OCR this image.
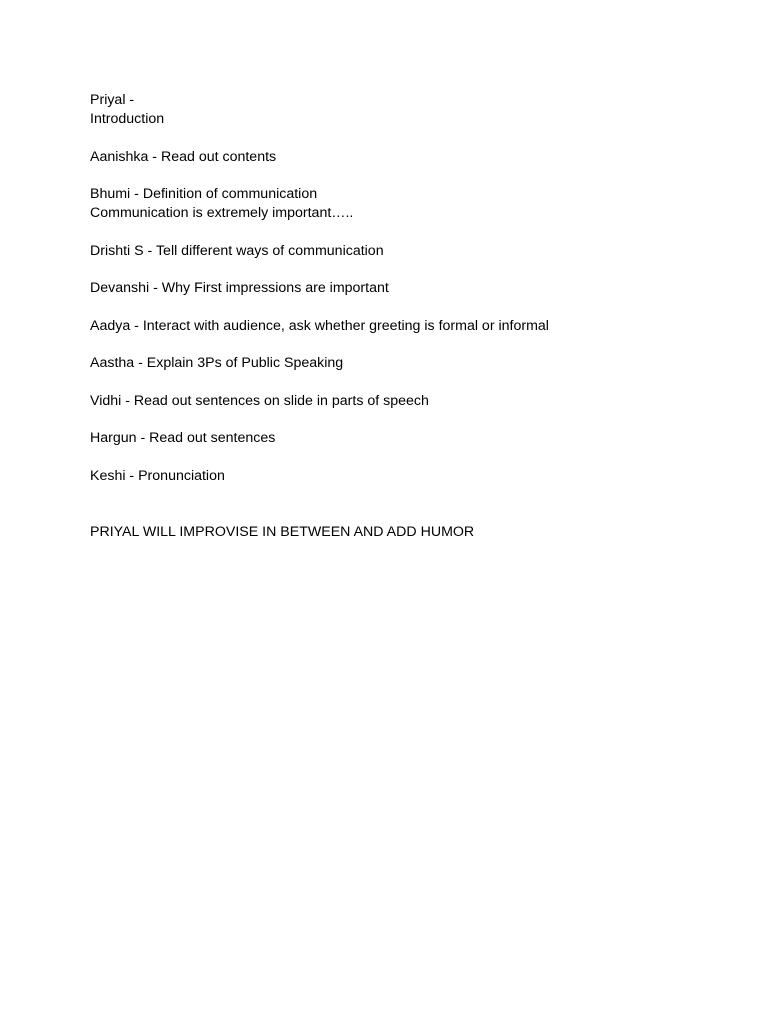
Priyal -
Introduction

Aanishka - Read out contents

Bhumi - Definition of communication
Communication is extremely important…..

Drishti S - Tell different ways of communication

Devanshi - Why First impressions are important

Aadya - Interact with audience, ask whether greeting is formal or informal

Aastha - Explain 3Ps of Public Speaking

Vidhi - Read out sentences on slide in parts of speech

Hargun - Read out sentences

Keshi - Pronunciation

PRIYAL WILL IMPROVISE IN BETWEEN AND ADD HUMOR
